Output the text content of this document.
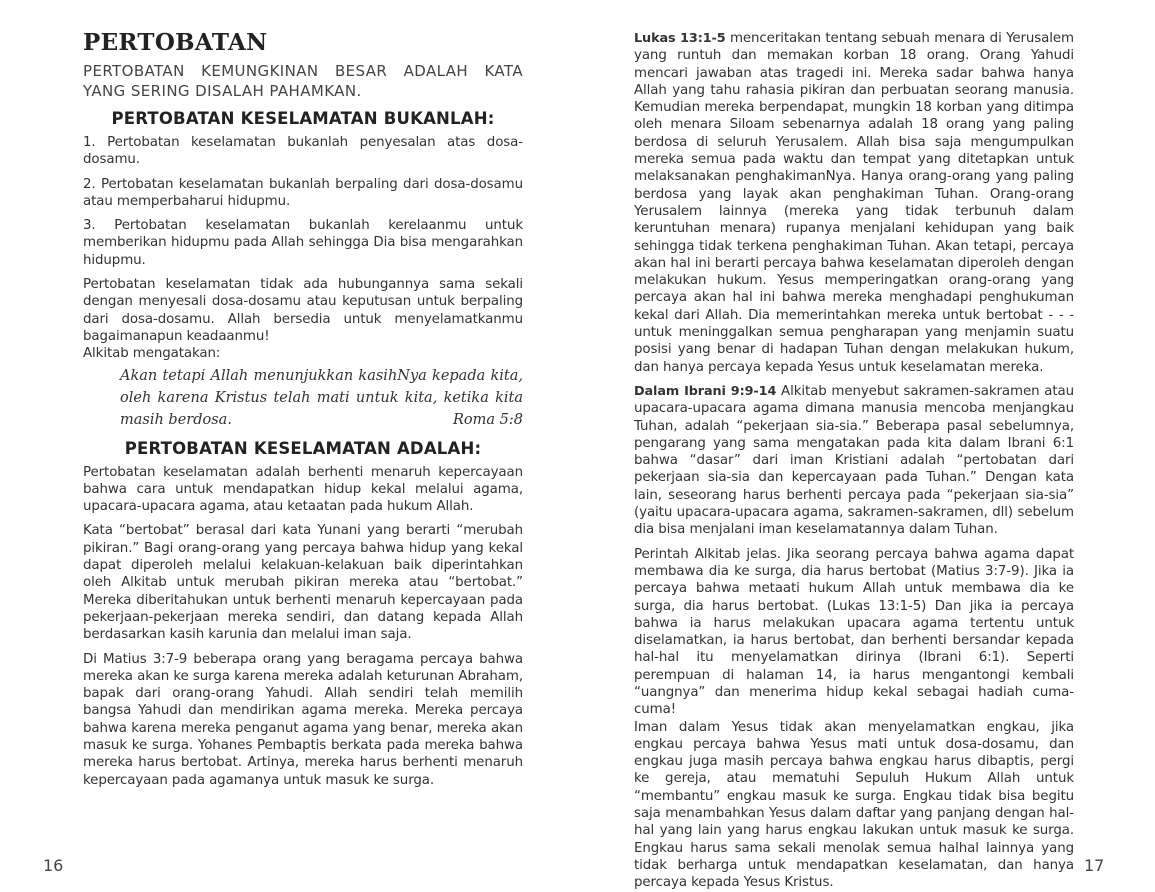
PERTOBATAN
PERTOBATAN KEMUNGKINAN BESAR ADALAH KATA YANG SERING DISALAH PAHAMKAN.
PERTOBATAN KESELAMATAN BUKANLAH:

1. Pertobatan keselamatan bukanlah penyesalan atas dosa-dosamu.

2. Pertobatan keselamatan bukanlah berpaling dari dosa-dosamu atau memperbaharui hidupmu.

3. Pertobatan keselamatan bukanlah kerelaanmu untuk memberikan hidupmu pada Allah sehingga Dia bisa mengarahkan hidupmu.

Pertobatan keselamatan tidak ada hubungannya sama sekali dengan menyesali dosa-dosamu atau keputusan untuk berpaling dari dosa-dosamu. Allah bersedia untuk menyelamatkanmu bagaimanapun keadaanmu!

Alkitab mengatakan:

Akan tetapi Allah menunjukkan kasihNya kepada kita, oleh karena Kristus telah mati untuk kita, ketika kita masih berdosa.	Roma 5:8
PERTOBATAN KESELAMATAN ADALAH:

Pertobatan keselamatan adalah berhenti menaruh kepercayaan bahwa cara untuk mendapatkan hidup kekal melalui agama, upacara-upacara agama, atau ketaatan pada hukum Allah.

Kata “bertobat” berasal dari kata Yunani yang berarti “merubah pikiran.” Bagi orang-orang yang percaya bahwa hidup yang kekal dapat diperoleh melalui kelakuan-kelakuan baik diperintahkan oleh Alkitab untuk merubah pikiran mereka atau “bertobat.” Mereka diberitahukan untuk berhenti menaruh kepercayaan pada pekerjaan-pekerjaan mereka sendiri, dan datang kepada Allah berdasarkan kasih karunia dan melalui iman saja.

Di Matius 3:7-9 beberapa orang yang beragama percaya bahwa mereka akan ke surga karena mereka adalah keturunan Abraham, bapak dari orang-orang Yahudi. Allah sendiri telah memilih bangsa Yahudi dan mendirikan agama mereka. Mereka percaya bahwa karena mereka penganut agama yang benar, mereka akan masuk ke surga. Yohanes Pembaptis berkata pada mereka bahwa mereka harus bertobat. Artinya, mereka harus berhenti menaruh kepercayaan pada agamanya untuk masuk ke surga.

Lukas 13:1-5 menceritakan tentang sebuah menara di Yerusalem yang runtuh dan memakan korban 18 orang. Orang Yahudi mencari jawaban atas tragedi ini. Mereka sadar bahwa hanya Allah yang tahu rahasia pikiran dan perbuatan seorang manusia. Kemudian mereka berpendapat, mungkin 18 korban yang ditimpa oleh menara Siloam sebenarnya adalah 18 orang yang paling berdosa di seluruh Yerusalem. Allah bisa saja mengumpulkan mereka semua pada waktu dan tempat yang ditetapkan untuk melaksanakan penghakimanNya. Hanya orang-orang yang paling berdosa yang layak akan penghakiman Tuhan. Orang-orang Yerusalem lainnya (mereka yang tidak terbunuh dalam keruntuhan menara) rupanya menjalani kehidupan yang baik sehingga tidak terkena penghakiman Tuhan. Akan tetapi, percaya akan hal ini berarti percaya bahwa keselamatan diperoleh dengan melakukan hukum. Yesus memperingatkan orang-orang yang percaya akan hal ini bahwa mereka menghadapi penghukuman kekal dari Allah. Dia memerintahkan mereka untuk bertobat - - - untuk meninggalkan semua pengharapan yang menjamin suatu posisi yang benar di hadapan Tuhan dengan melakukan hukum, dan hanya percaya kepada Yesus untuk keselamatan mereka.

Dalam Ibrani 9:9-14 Alkitab menyebut sakramen-sakramen atau upacara-upacara agama dimana manusia mencoba menjangkau Tuhan, adalah “pekerjaan sia-sia.” Beberapa pasal sebelumnya, pengarang yang sama mengatakan pada kita dalam Ibrani 6:1 bahwa “dasar” dari iman Kristiani adalah “pertobatan dari pekerjaan sia-sia dan kepercayaan pada Tuhan.” Dengan kata lain, seseorang harus berhenti percaya pada “pekerjaan sia-sia” (yaitu upacara-upacara agama, sakramen-sakramen, dll) sebelum dia bisa menjalani iman keselamatannya dalam Tuhan.

Perintah Alkitab jelas. Jika seorang percaya bahwa agama dapat membawa dia ke surga, dia harus bertobat (Matius 3:7-9). Jika ia percaya bahwa metaati hukum Allah untuk membawa dia ke surga, dia harus bertobat. (Lukas 13:1-5) Dan jika ia percaya bahwa ia harus melakukan upacara agama tertentu untuk diselamatkan, ia harus bertobat, dan berhenti bersandar kepada hal-hal itu menyelamatkan dirinya (Ibrani 6:1). Seperti perempuan di halaman 14, ia harus mengantongi kembali “uangnya” dan menerima hidup kekal sebagai hadiah cuma-cuma!

Iman dalam Yesus tidak akan menyelamatkan engkau, jika engkau percaya bahwa Yesus mati untuk dosa-dosamu, dan engkau juga masih percaya bahwa engkau harus dibaptis, pergi ke gereja, atau mematuhi Sepuluh Hukum Allah untuk “membantu” engkau masuk ke surga. Engkau tidak bisa begitu saja menambahkan Yesus dalam daftar yang panjang dengan hal-hal yang lain yang harus engkau lakukan untuk masuk ke surga. Engkau harus sama sekali menolak semua halhal lainnya yang tidak berharga untuk mendapatkan keselamatan, dan hanya percaya kepada Yesus Kristus.

16	17
